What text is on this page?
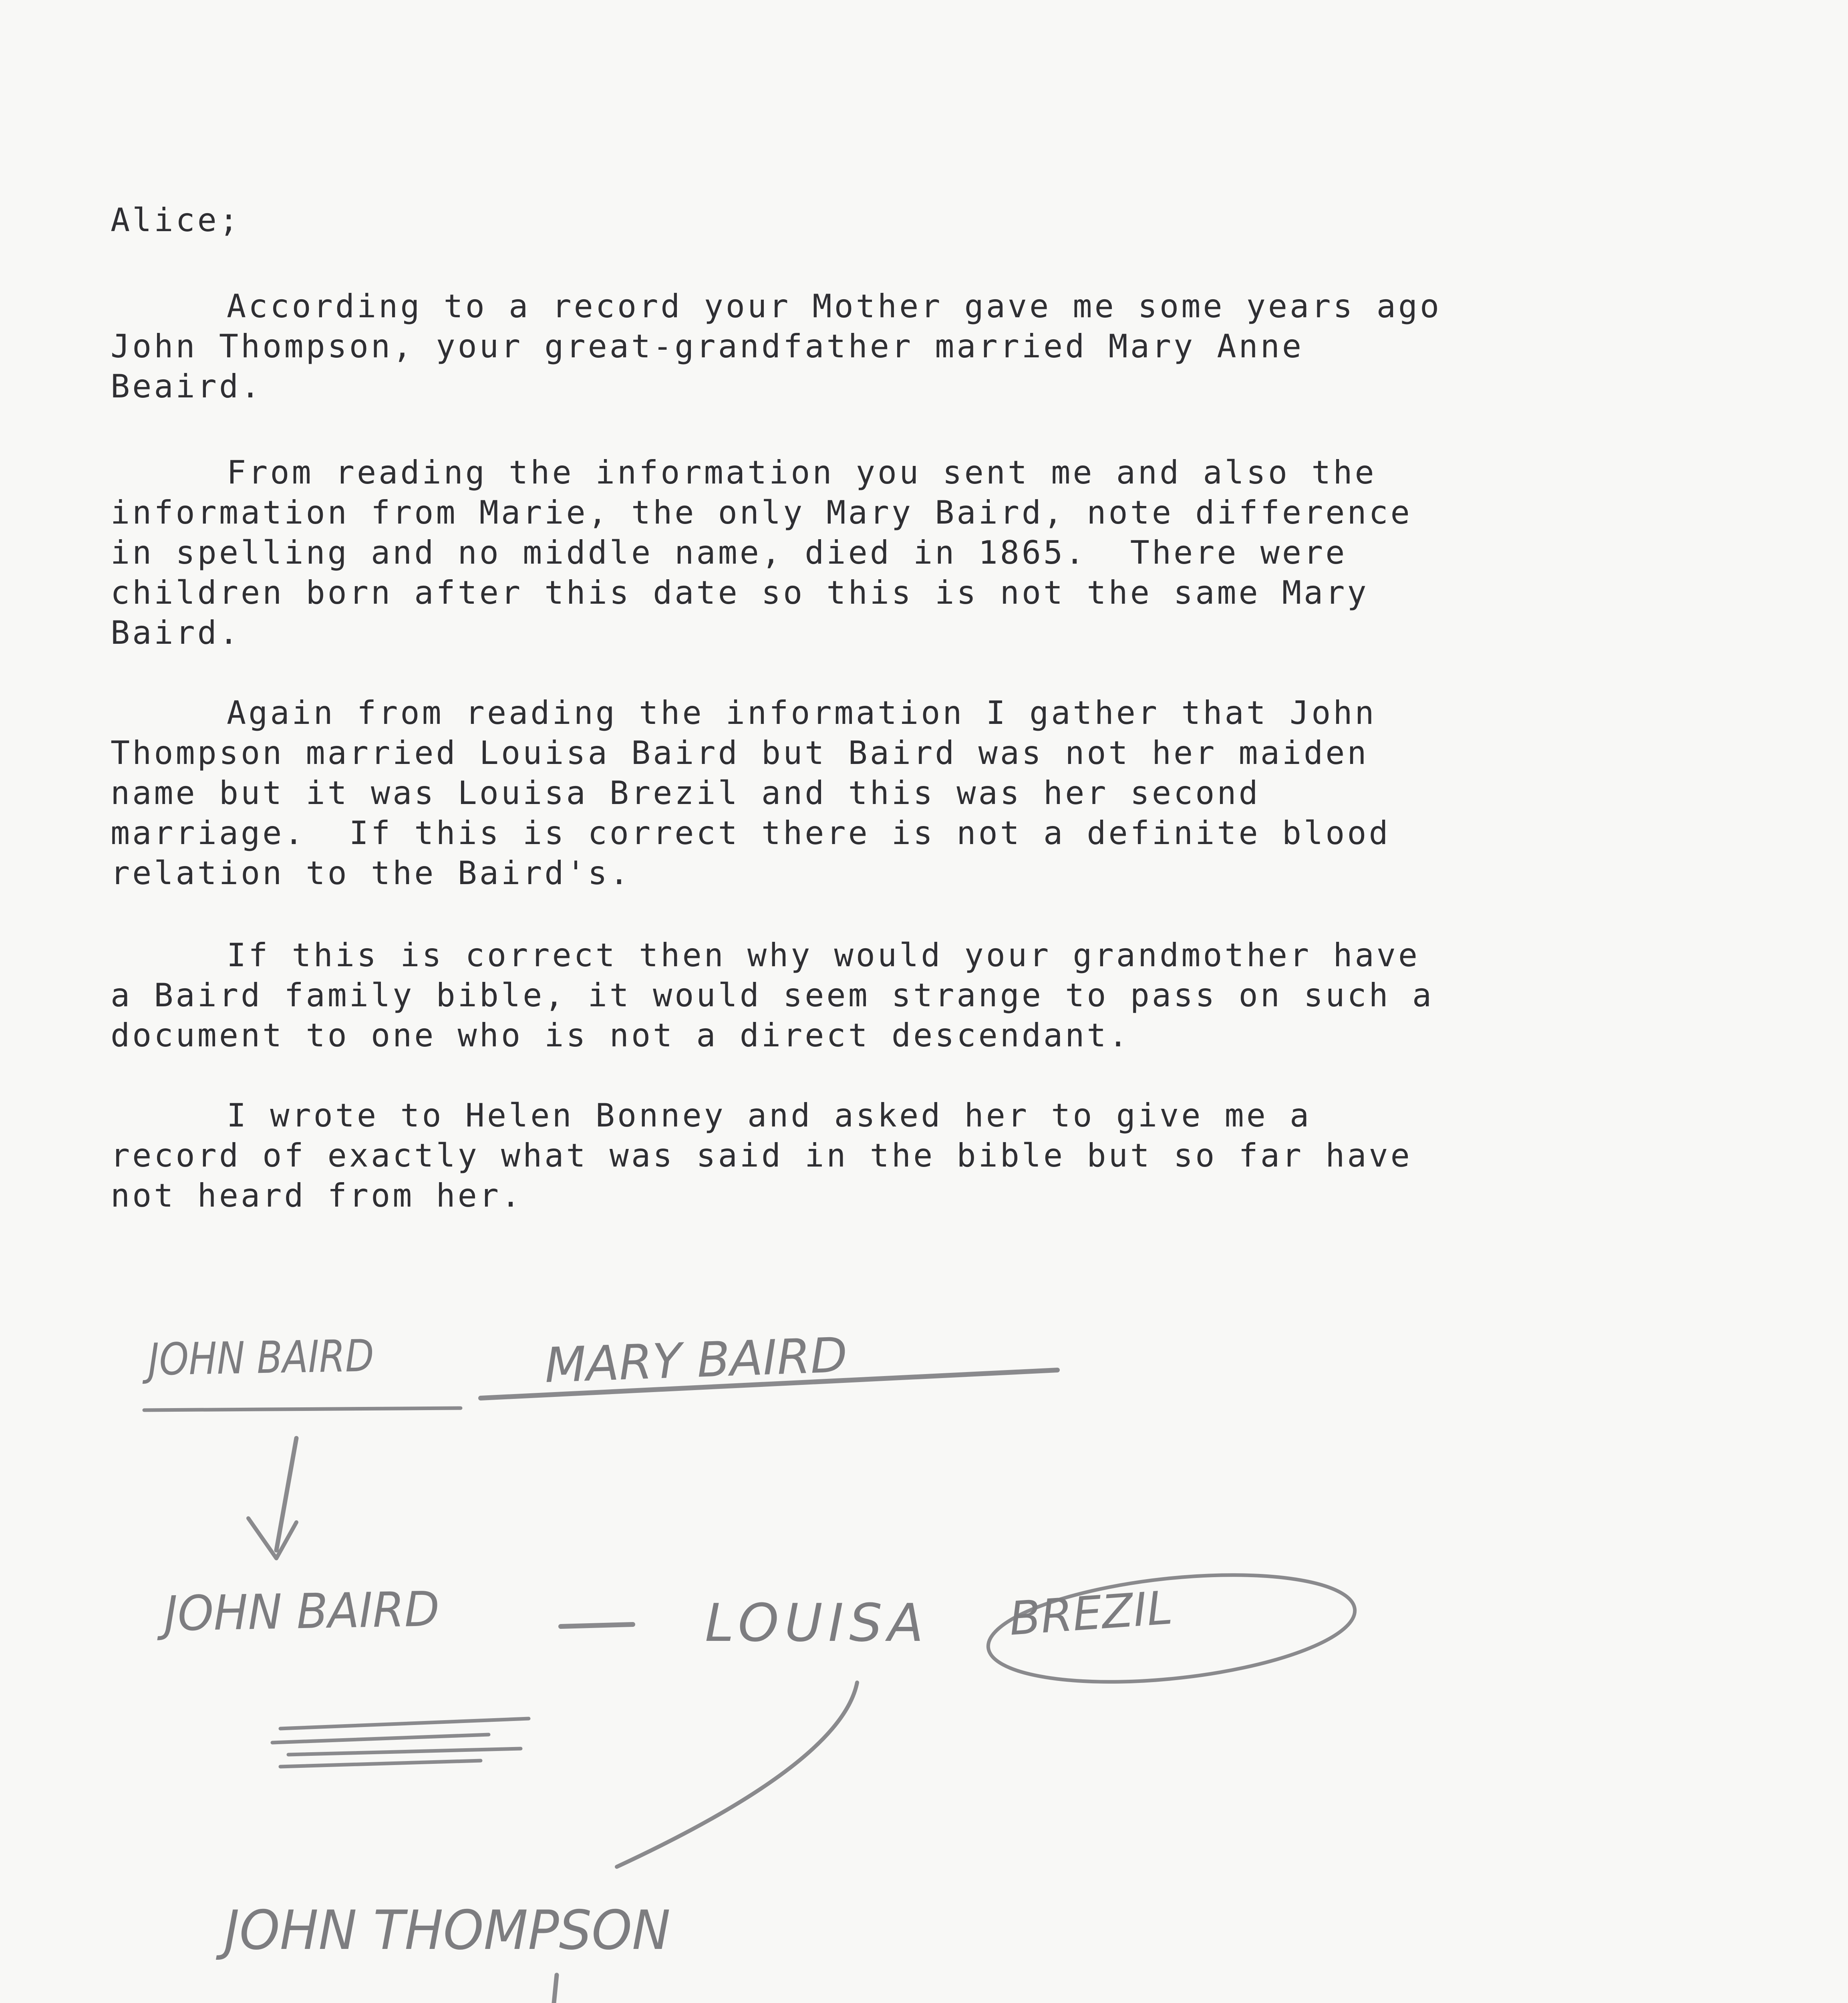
Alice;
According to a record your Mother gave me some years ago
John Thompson, your great-grandfather married Mary Anne
Beaird.
From reading the information you sent me and also the
information from Marie, the only Mary Baird, note difference
in spelling and no middle name, died in 1865.  There were
children born after this date so this is not the same Mary
Baird.
Again from reading the information I gather that John
Thompson married Louisa Baird but Baird was not her maiden
name but it was Louisa Brezil and this was her second
marriage.  If this is correct there is not a definite blood
relation to the Baird's.
If this is correct then why would your grandmother have
a Baird family bible, it would seem strange to pass on such a
document to one who is not a direct descendant.
I wrote to Helen Bonney and asked her to give me a
record of exactly what was said in the bible but so far have
not heard from her.
JOHN BAIRD	MARY BAIRD
JOHN BAIRD	LOUISA BREZIL
JOHN THOMPSON
